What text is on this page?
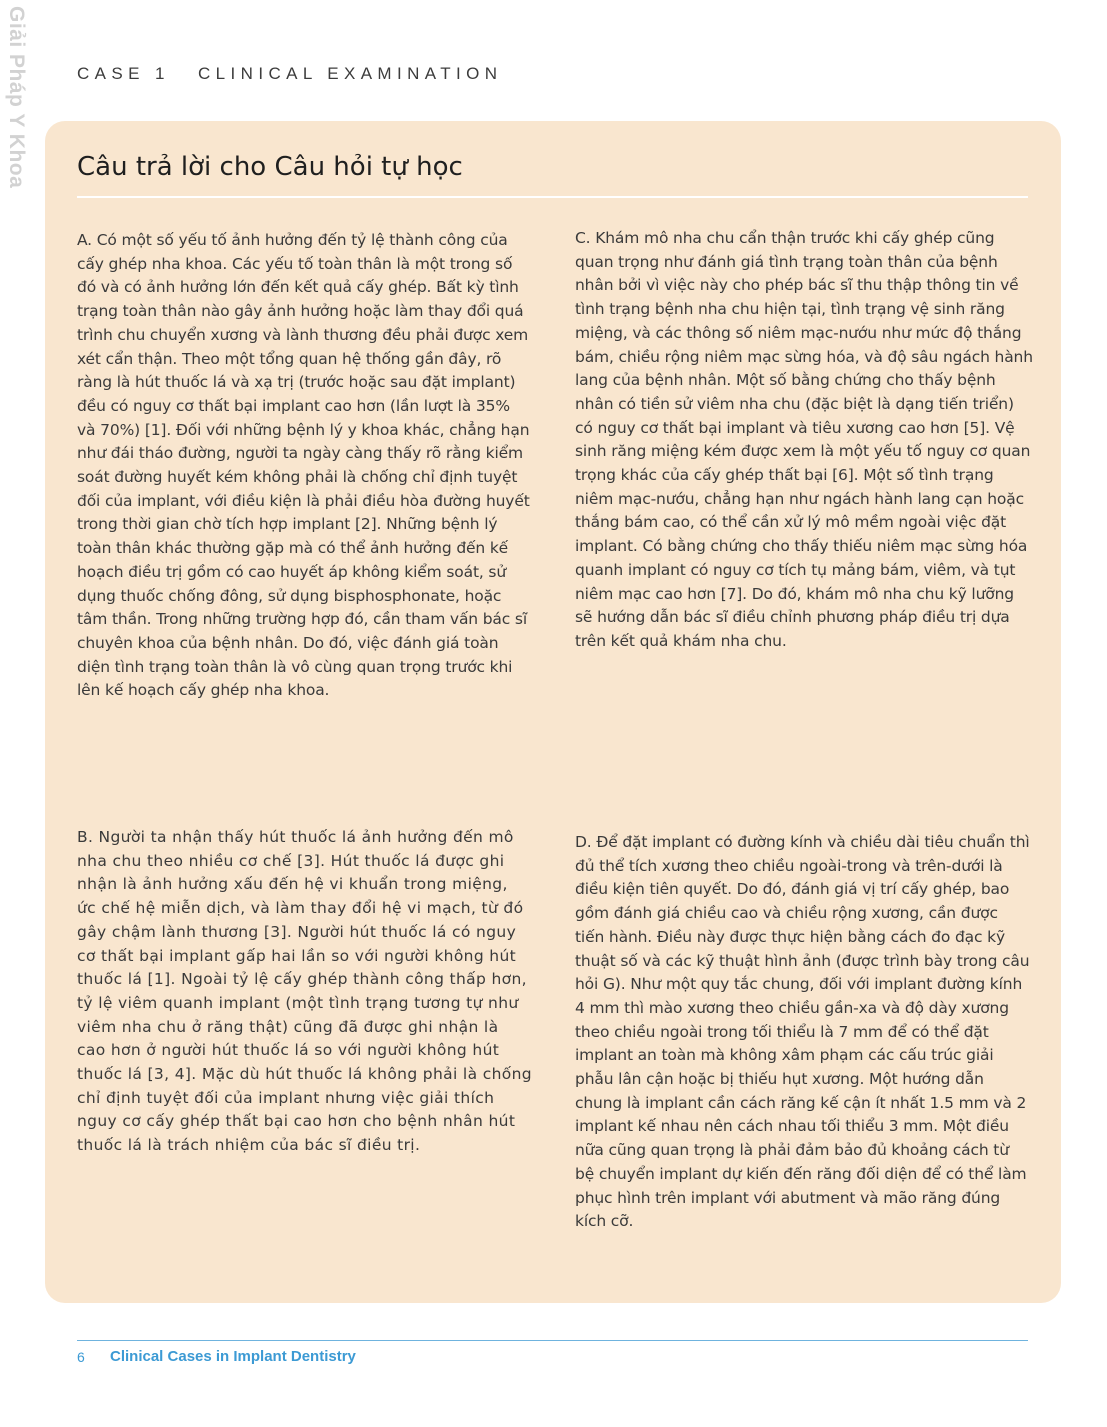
Giải Pháp Y Khoa	CASE 1 CLINICAL EXAMINATION
Câu trả lời cho Câu hỏi tự học

A. Có một số yếu tố ảnh hưởng đến tỷ lệ thành công của cấy ghép nha khoa. Các yếu tố toàn thân là một trong số đó và có ảnh hưởng lớn đến kết quả cấy ghép. Bất kỳ tình trạng toàn thân nào gây ảnh hưởng hoặc làm thay đổi quá trình chu chuyển xương và lành thương đều phải được xem xét cẩn thận. Theo một tổng quan hệ thống gần đây, rõ ràng là hút thuốc lá và xạ trị (trước hoặc sau đặt implant) đều có nguy cơ thất bại implant cao hơn (lần lượt là 35% và 70%) [1]. Đối với những bệnh lý y khoa khác, chẳng hạn như đái tháo đường, người ta ngày càng thấy rõ rằng kiểm soát đường huyết kém không phải là chống chỉ định tuyệt đối của implant, với điều kiện là phải điều hòa đường huyết trong thời gian chờ tích hợp implant [2]. Những bệnh lý toàn thân khác thường gặp mà có thể ảnh hưởng đến kế hoạch điều trị gồm có cao huyết áp không kiểm soát, sử dụng thuốc chống đông, sử dụng bisphosphonate, hoặc tâm thần. Trong những trường hợp đó, cần tham vấn bác sĩ chuyên khoa của bệnh nhân. Do đó, việc đánh giá toàn diện tình trạng toàn thân là vô cùng quan trọng trước khi lên kế hoạch cấy ghép nha khoa.

C. Khám mô nha chu cẩn thận trước khi cấy ghép cũng quan trọng như đánh giá tình trạng toàn thân của bệnh nhân bởi vì việc này cho phép bác sĩ thu thập thông tin về tình trạng bệnh nha chu hiện tại, tình trạng vệ sinh răng miệng, và các thông số niêm mạc-nướu như mức độ thắng bám, chiều rộng niêm mạc sừng hóa, và độ sâu ngách hành lang của bệnh nhân. Một số bằng chứng cho thấy bệnh nhân có tiền sử viêm nha chu (đặc biệt là dạng tiến triển) có nguy cơ thất bại implant và tiêu xương cao hơn [5]. Vệ sinh răng miệng kém được xem là một yếu tố nguy cơ quan trọng khác của cấy ghép thất bại [6]. Một số tình trạng niêm mạc-nướu, chẳng hạn như ngách hành lang cạn hoặc thắng bám cao, có thể cần xử lý mô mềm ngoài việc đặt implant. Có bằng chứng cho thấy thiếu niêm mạc sừng hóa quanh implant có nguy cơ tích tụ mảng bám, viêm, và tụt niêm mạc cao hơn [7]. Do đó, khám mô nha chu kỹ lưỡng sẽ hướng dẫn bác sĩ điều chỉnh phương pháp điều trị dựa trên kết quả khám nha chu.

B. Người ta nhận thấy hút thuốc lá ảnh hưởng đến mô nha chu theo nhiều cơ chế [3]. Hút thuốc lá được ghi nhận là ảnh hưởng xấu đến hệ vi khuẩn trong miệng, ức chế hệ miễn dịch, và làm thay đổi hệ vi mạch, từ đó gây chậm lành thương [3]. Người hút thuốc lá có nguy cơ thất bại implant gấp hai lần so với người không hút thuốc lá [1]. Ngoài tỷ lệ cấy ghép thành công thấp hơn, tỷ lệ viêm quanh implant (một tình trạng tương tự như viêm nha chu ở răng thật) cũng đã được ghi nhận là cao hơn ở người hút thuốc lá so với người không hút thuốc lá [3, 4]. Mặc dù hút thuốc lá không phải là chống chỉ định tuyệt đối của implant nhưng việc giải thích nguy cơ cấy ghép thất bại cao hơn cho bệnh nhân hút thuốc lá là trách nhiệm của bác sĩ điều trị.

D. Để đặt implant có đường kính và chiều dài tiêu chuẩn thì đủ thể tích xương theo chiều ngoài-trong và trên-dưới là điều kiện tiên quyết. Do đó, đánh giá vị trí cấy ghép, bao gồm đánh giá chiều cao và chiều rộng xương, cần được tiến hành. Điều này được thực hiện bằng cách đo đạc kỹ thuật số và các kỹ thuật hình ảnh (được trình bày trong câu hỏi G). Như một quy tắc chung, đối với implant đường kính 4 mm thì mào xương theo chiều gần-xa và độ dày xương theo chiều ngoài trong tối thiểu là 7 mm để có thể đặt implant an toàn mà không xâm phạm các cấu trúc giải phẫu lân cận hoặc bị thiếu hụt xương. Một hướng dẫn chung là implant cần cách răng kế cận ít nhất 1.5 mm và 2 implant kế nhau nên cách nhau tối thiểu 3 mm. Một điều nữa cũng quan trọng là phải đảm bảo đủ khoảng cách từ bệ chuyển implant dự kiến đến răng đối diện để có thể làm phục hình trên implant với abutment và mão răng đúng kích cỡ.

6 Clinical Cases in Implant Dentistry
